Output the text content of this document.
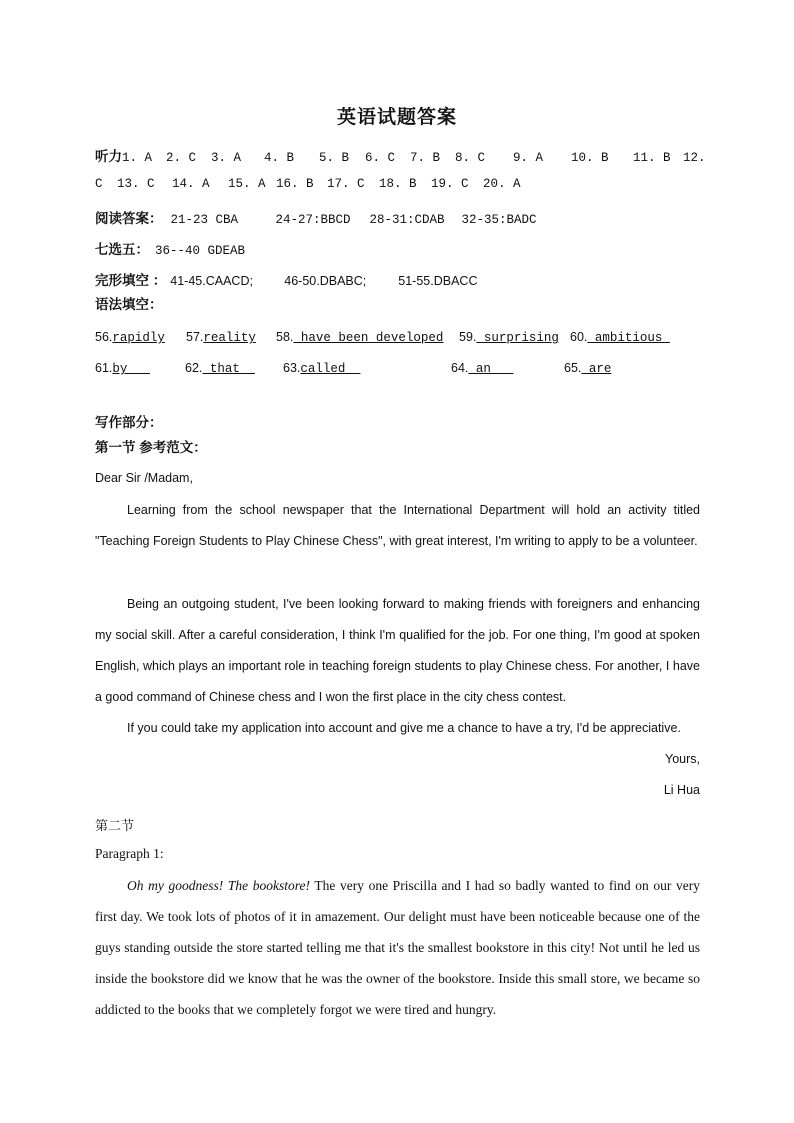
英语试题答案
听力1. A 2. C 3. A 4. B 5. B 6. C 7. B 8. C 9. A 10. B 11. B 12.
C 13. C 14. A 15. A 16. B 17. C 18. B 19. C 20. A
阅读答案： 21-23 CBA	24-27:BBCD 28-31:CDAB 32-35:BADC
七选五： 36--40 GDEAB
完形填空 ： 41-45.CAACD;	46-50.DBABC;	51-55.DBACC
语法填空：
56.rapidly 57.reality 58. have been developed 59. surprising 60. ambitious
61.by	62. that  63.called	64. an	65. are
写作部分：
第一节 参考范文：
Dear Sir /Madam,
Learning from the school newspaper that the International Department will hold an activity titled "Teaching Foreign Students to Play Chinese Chess", with great interest, I'm writing to apply to be a volunteer.
Being an outgoing student, I've been looking forward to making friends with foreigners and enhancing my social skill. After a careful consideration, I think I'm qualified for the job. For one thing, I'm good at spoken English, which plays an important role in teaching foreign students to play Chinese chess. For another, I have a good command of Chinese chess and I won the first place in the city chess contest.
If you could take my application into account and give me a chance to have a try, I'd be appreciative.
Yours,
Li Hua
第二节
Paragraph 1:
Oh my goodness! The bookstore! The very one Priscilla and I had so badly wanted to find on our very first day. We took lots of photos of it in amazement. Our delight must have been noticeable because one of the guys standing outside the store started telling me that it's the smallest bookstore in this city! Not until he led us inside the bookstore did we know that he was the owner of the bookstore. Inside this small store, we became so addicted to the books that we completely forgot we were tired and hungry.
